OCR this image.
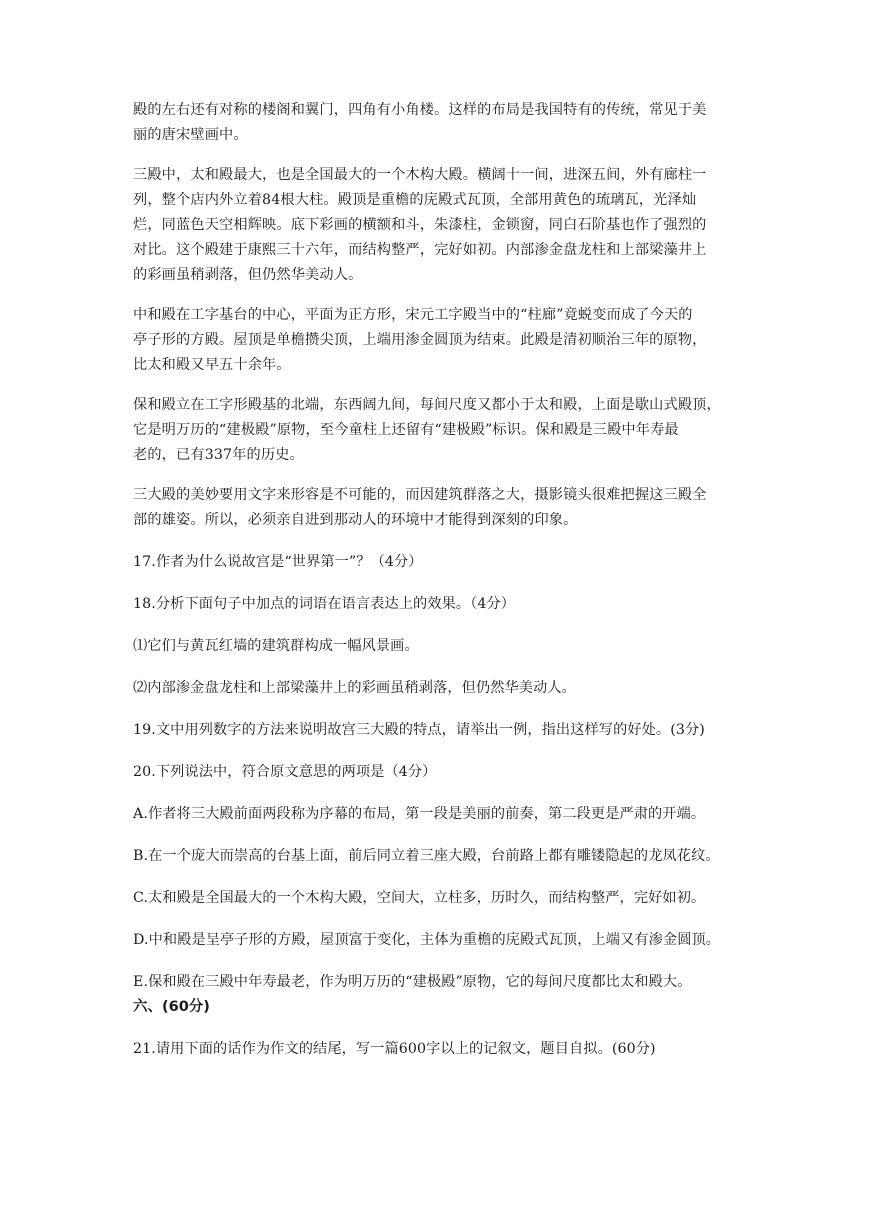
殿的左右还有对称的楼阁和翼门，四角有小角楼。这样的布局是我国特有的传统，常见于美
丽的唐宋壁画中。

三殿中，太和殿最大，也是全国最大的一个木构大殿。横阔十一间，进深五间，外有廊柱一
列，整个店内外立着84根大柱。殿顶是重檐的庑殿式瓦顶，全部用黄色的琉璃瓦，光泽灿
烂，同蓝色天空相辉映。底下彩画的横额和斗，朱漆柱，金锁窗，同白石阶基也作了强烈的
对比。这个殿建于康熙三十六年，而结构整严，完好如初。内部渗金盘龙柱和上部梁藻井上
的彩画虽稍剥落，但仍然华美动人。

中和殿在工字基台的中心，平面为正方形，宋元工字殿当中的“柱廊”竟蜕变而成了今天的
亭子形的方殿。屋顶是单檐攒尖顶，上端用渗金圆顶为结束。此殿是清初顺治三年的原物，
比太和殿又早五十余年。

保和殿立在工字形殿基的北端，东西阔九间，每间尺度又都小于太和殿，上面是歇山式殿顶，
它是明万历的“建极殿”原物，至今童柱上还留有“建极殿”标识。保和殿是三殿中年寿最
老的，已有337年的历史。

三大殿的美妙要用文字来形容是不可能的，而因建筑群落之大，摄影镜头很难把握这三殿全
部的雄姿。所以，必须亲自进到那动人的环境中才能得到深刻的印象。

17.作者为什么说故宫是“世界第一”？（4分）

18.分析下面句子中加点的词语在语言表达上的效果。（4分）

⑴它们与黄瓦红墙的建筑群构成一幅风景画。

⑵内部渗金盘龙柱和上部梁藻井上的彩画虽稍剥落，但仍然华美动人。

19.文中用列数字的方法来说明故宫三大殿的特点，请举出一例，指出这样写的好处。(3分)

20.下列说法中，符合原文意思的两项是（4分）

A.作者将三大殿前面两段称为序幕的布局，第一段是美丽的前奏，第二段更是严肃的开端。

B.在一个庞大而崇高的台基上面，前后同立着三座大殿，台前路上都有雕镂隐起的龙凤花纹。

C.太和殿是全国最大的一个木构大殿，空间大，立柱多，历时久，而结构整严，完好如初。

D.中和殿是呈亭子形的方殿，屋顶富于变化，主体为重檐的庑殿式瓦顶，上端又有渗金圆顶。

E.保和殿在三殿中年寿最老，作为明万历的“建极殿”原物，它的每间尺度都比太和殿大。

六、(60分)

21.请用下面的话作为作文的结尾，写一篇600字以上的记叙文，题目自拟。(60分)
